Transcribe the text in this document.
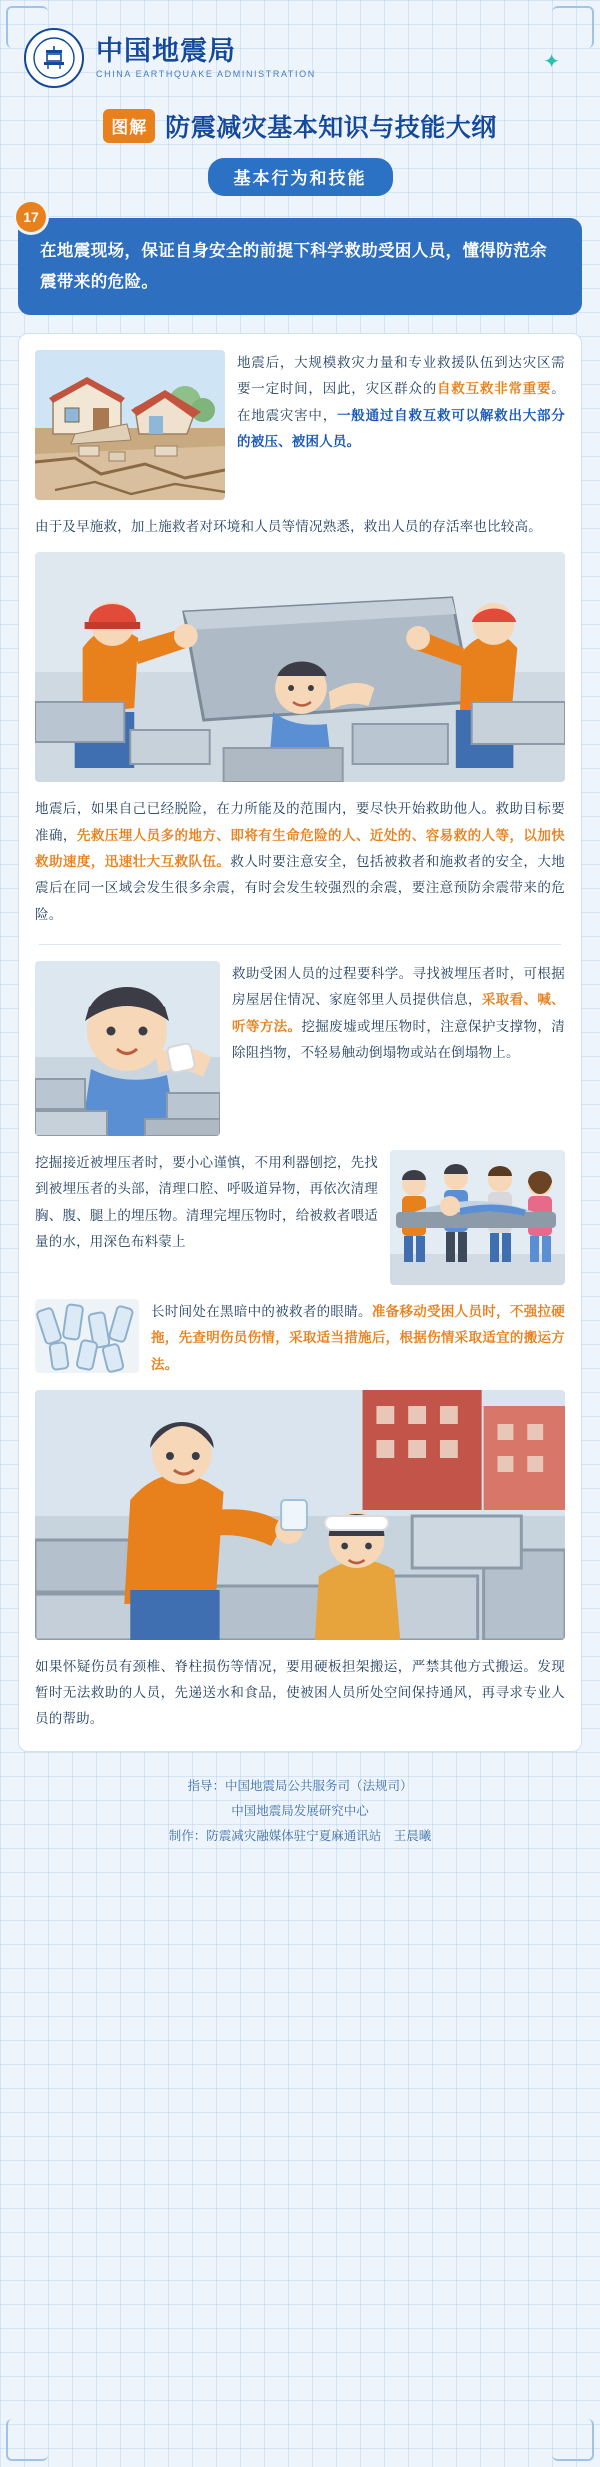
中国地震局
CHINA EARTHQUAKE ADMINISTRATION
✦
图解 防震减灾基本知识与技能大纲
基本行为和技能
17
在地震现场，保证自身安全的前提下科学救助受困人员，懂得防范余震带来的危险。
地震后，大规模救灾力量和专业救援队伍到达灾区需要一定时间，因此，灾区群众的自救互救非常重要。在地震灾害中，一般通过自救互救可以解救出大部分的被压、被困人员。
由于及早施救，加上施救者对环境和人员等情况熟悉，救出人员的存活率也比较高。
地震后，如果自己已经脱险，在力所能及的范围内，要尽快开始救助他人。救助目标要准确，先救压埋人员多的地方、即将有生命危险的人、近处的、容易救的人等，以加快救助速度，迅速壮大互救队伍。救人时要注意安全，包括被救者和施救者的安全，大地震后在同一区域会发生很多余震，有时会发生较强烈的余震，要注意预防余震带来的危险。
救助受困人员的过程要科学。寻找被埋压者时，可根据房屋居住情况、家庭邻里人员提供信息，采取看、喊、听等方法。挖掘废墟或埋压物时，注意保护支撑物，清除阻挡物，不轻易触动倒塌物或站在倒塌物上。
挖掘接近被埋压者时，要小心谨慎，不用利器刨挖，先找到被埋压者的头部，清理口腔、呼吸道异物，再依次清理胸、腹、腿上的埋压物。清理完埋压物时，给被救者喂适量的水，用深色布料蒙上
长时间处在黑暗中的被救者的眼睛。准备移动受困人员时，不强拉硬拖，先查明伤员伤情，采取适当措施后，根据伤情采取适宜的搬运方法。
如果怀疑伤员有颈椎、脊柱损伤等情况，要用硬板担架搬运，严禁其他方式搬运。发现暂时无法救助的人员，先递送水和食品，使被困人员所处空间保持通风，再寻求专业人员的帮助。
指导：中国地震局公共服务司（法规司）
中国地震局发展研究中心
制作：防震减灾融媒体驻宁夏麻通讯站　王晨曦
